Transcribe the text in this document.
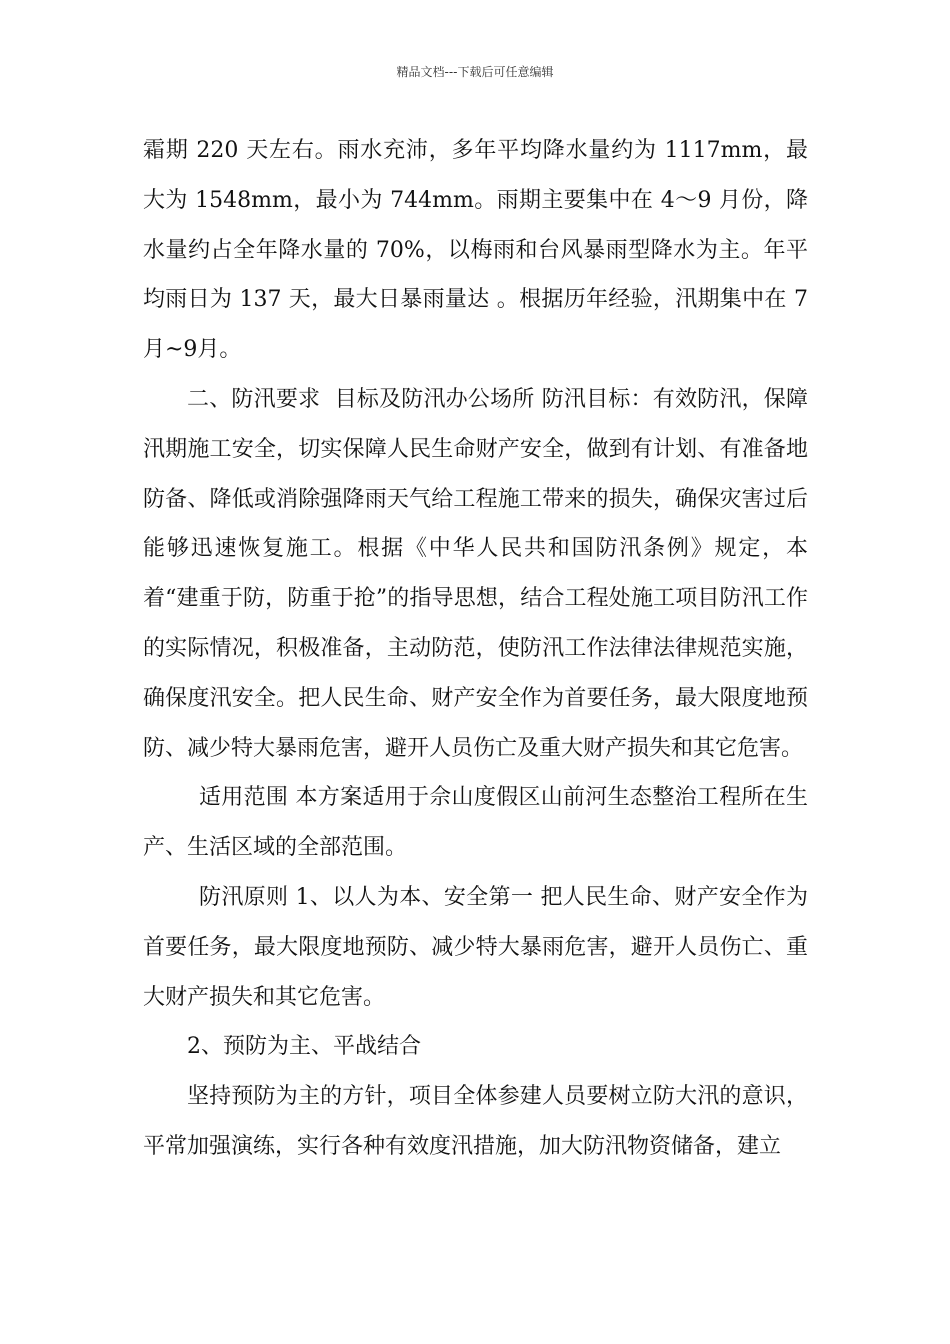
精品文档---下载后可任意编辑

霜期 220 天左右。雨水充沛，多年平均降水量约为 1117mm，最大为 1548mm，最小为 744mm。雨期主要集中在 4～9 月份，降水量约占全年降水量的 70%，以梅雨和台风暴雨型降水为主。年平均雨日为 137 天，最大日暴雨量达 。根据历年经验，汛期集中在 7 月~9月。

二、防汛要求  目标及防汛办公场所 防汛目标：有效防汛，保障汛期施工安全，切实保障人民生命财产安全，做到有计划、有准备地防备、降低或消除强降雨天气给工程施工带来的损失，确保灾害过后能够迅速恢复施工。根据《中华人民共和国防汛条例》规定，本着“建重于防，防重于抢”的指导思想，结合工程处施工项目防汛工作的实际情况，积极准备，主动防范，使防汛工作法律法律规范实施，确保度汛安全。把人民生命、财产安全作为首要任务，最大限度地预防、减少特大暴雨危害，避开人员伤亡及重大财产损失和其它危害。

适用范围 本方案适用于佘山度假区山前河生态整治工程所在生产、生活区域的全部范围。

防汛原则 1、以人为本、安全第一 把人民生命、财产安全作为首要任务，最大限度地预防、减少特大暴雨危害，避开人员伤亡、重大财产损失和其它危害。

2、预防为主、平战结合

坚持预防为主的方针，项目全体参建人员要树立防大汛的意识，平常加强演练，实行各种有效度汛措施，加大防汛物资储备，建立
